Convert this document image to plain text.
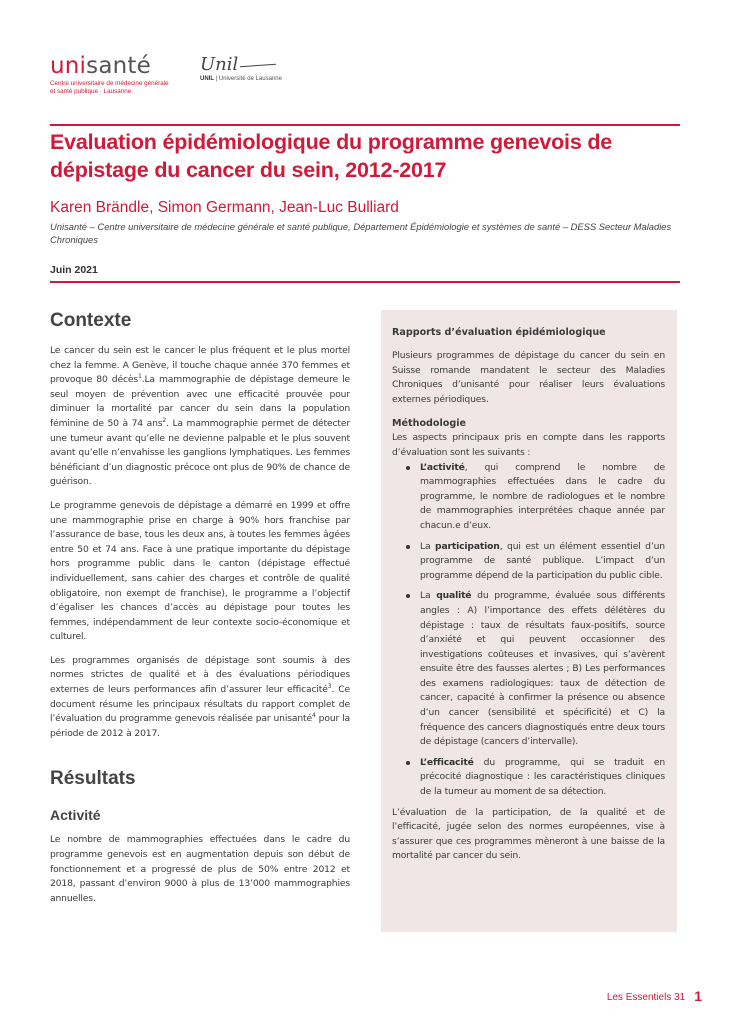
unisanté
Centre universitaire de médecine générale et santé publique · Lausanne
Unil
UNIL | Université de Lausanne
Evaluation épidémiologique du programme genevois de dépistage du cancer du sein, 2012-2017
Karen Brändle, Simon Germann, Jean-Luc Bulliard
Unisanté – Centre universitaire de médecine générale et santé publique, Département Épidémiologie et systèmes de santé – DESS Secteur Maladies Chroniques
Juin 2021
Contexte

Le cancer du sein est le cancer le plus fréquent et le plus mortel chez la femme. A Genève, il touche chaque année 370 femmes et provoque 80 décès$^1$.La mammographie de dépistage demeure le seul moyen de prévention avec une efficacité prouvée pour diminuer la mortalité par cancer du sein dans la population féminine de 50 à 74 ans$^2$. La mammographie permet de détecter une tumeur avant qu’elle ne devienne palpable et le plus souvent avant qu’elle n’envahisse les ganglions lymphatiques. Les femmes bénéficiant d’un diagnostic précoce ont plus de 90% de chance de guérison.

Le programme genevois de dépistage a démarré en 1999 et offre une mammographie prise en charge à 90% hors franchise par l’assurance de base, tous les deux ans, à toutes les femmes âgées entre 50 et 74 ans. Face à une pratique importante du dépistage hors programme public dans le canton (dépistage effectué individuellement, sans cahier des charges et contrôle de qualité obligatoire, non exempt de franchise), le programme a l’objectif d’égaliser les chances d’accès au dépistage pour toutes les femmes, indépendamment de leur contexte socio-économique et culturel.

Les programmes organisés de dépistage sont soumis à des normes strictes de qualité et à des évaluations périodiques externes de leurs performances afin d’assurer leur efficacité$^3$. Ce document résume les principaux résultats du rapport complet de l’évaluation du programme genevois réalisée par unisanté$^4$ pour la période de 2012 à 2017.

Résultats
Activité

Le nombre de mammographies effectuées dans le cadre du programme genevois est en augmentation depuis son début de fonctionnement et a progressé de plus de 50% entre 2012 et 2018, passant d’environ 9000 à plus de 13’000 mammographies annuelles.

Rapports d’évaluation épidémiologique

Plusieurs programmes de dépistage du cancer du sein en Suisse romande mandatent le secteur des Maladies Chroniques d’unisanté pour réaliser leurs évaluations externes périodiques.

Méthodologie

Les aspects principaux pris en compte dans les rapports d’évaluation sont les suivants :

L’activité, qui comprend le nombre de mammographies effectuées dans le cadre du programme, le nombre de radiologues et le nombre de mammographies interprétées chaque année par chacun.e d’eux.
La participation, qui est un élément essentiel d’un programme de santé publique. L’impact d’un programme dépend de la participation du public cible.
La qualité du programme, évaluée sous différents angles : A) l’importance des effets délétères du dépistage : taux de résultats faux-positifs, source d’anxiété et qui peuvent occasionner des investigations coûteuses et invasives, qui s’avèrent ensuite être des fausses alertes ; B) Les performances des examens radiologiques: taux de détection de cancer, capacité à confirmer la présence ou absence d’un cancer (sensibilité et spécificité) et C) la fréquence des cancers diagnostiqués entre deux tours de dépistage (cancers d’intervalle).
L’efficacité du programme, qui se traduit en précocité diagnostique : les caractéristiques cliniques de la tumeur au moment de sa détection.

L’évaluation de la participation, de la qualité et de l’efficacité, jugée selon des normes européennes, vise à s’assurer que ces programmes mèneront à une baisse de la mortalité par cancer du sein.

Les Essentiels 31 1
